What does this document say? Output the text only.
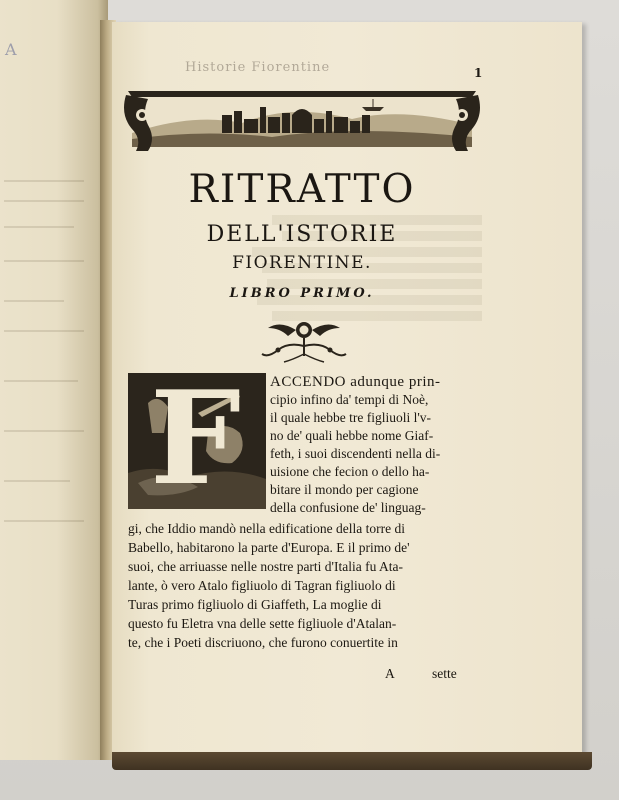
A
Historie Fiorentine	1
RITRATTO
DELL'ISTORIE
FIORENTINE.
LIBRO PRIMO.
F ACCENDO adunque prin-
cipio infino da' tempi di Noè,
il quale hebbe tre figliuoli l'v-
no de' quali hebbe nome Giaf-
feth, i suoi discendenti nella di-
uisione che fecion o dello ha-
bitare il mondo per cagione
della confusione de' linguag-
gi, che Iddio mandò nella edificatione della torre di
Babello, habitarono la parte d'Europa. E il primo de'
suoi, che arriuasse nelle nostre parti d'Italia fu Ata-
lante, ò vero Atalo figliuolo di Tagran figliuolo di
Turas primo figliuolo di Giaffeth, La moglie di
questo fu Eletra vna delle sette figliuole d'Atalan-
te, che i Poeti discriuono, che furono conuertite in
A	sette
